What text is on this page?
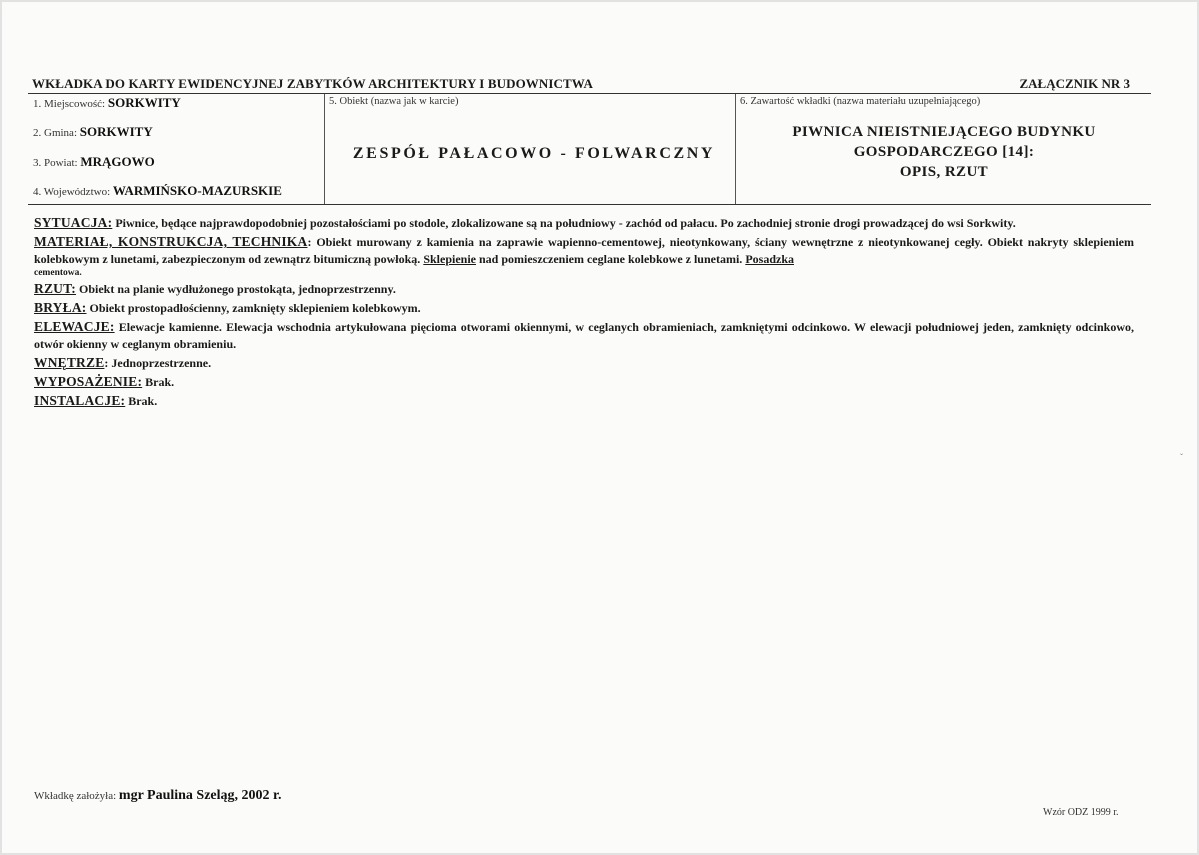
WKŁADKA DO KARTY EWIDENCYJNEJ ZABYTKÓW ARCHITEKTURY I BUDOWNICTWA	ZAŁĄCZNIK NR 3
1. Miejscowość: SORKWITY
2. Gmina: SORKWITY
3. Powiat: MRĄGOWO
4. Województwo: WARMIŃSKO-MAZURSKIE
5. Obiekt (nazwa jak w karcie)
ZESPÓŁ PAŁACOWO - FOLWARCZNY
6. Zawartość wkładki (nazwa materiału uzupełniającego)
PIWNICA NIEISTNIEJĄCEGO BUDYNKU
GOSPODARCZEGO [14]:
OPIS, RZUT

SYTUACJA: Piwnice, będące najprawdopodobniej pozostałościami po stodole, zlokalizowane są na południowy - zachód od pałacu. Po zachodniej stronie drogi prowadzącej do wsi Sorkwity.

MATERIAŁ, KONSTRUKCJA, TECHNIKA: Obiekt murowany z kamienia na zaprawie wapienno-cementowej, nieotynkowany, ściany wewnętrzne z nieotynkowanej cegły. Obiekt nakryty sklepieniem kolebkowym z lunetami, zabezpieczonym od zewnątrz bitumiczną powłoką. Sklepienie nad pomieszczeniem ceglane kolebkowe z lunetami. Posadzka
cementowa.

RZUT: Obiekt na planie wydłużonego prostokąta, jednoprzestrzenny.

BRYŁA: Obiekt prostopadłościenny, zamknięty sklepieniem kolebkowym.

ELEWACJE: Elewacje kamienne. Elewacja wschodnia artykułowana pięcioma otworami okiennymi, w ceglanych obramieniach, zamkniętymi odcinkowo. W elewacji południowej jeden, zamknięty odcinkowo, otwór okienny w ceglanym obramieniu.

WNĘTRZE: Jednoprzestrzenne.

WYPOSAŻENIE: Brak.

INSTALACJE: Brak.

Wkładkę założyła: mgr Paulina Szeląg, 2002 r.
Wzór ODZ 1999 r.
ˇ
